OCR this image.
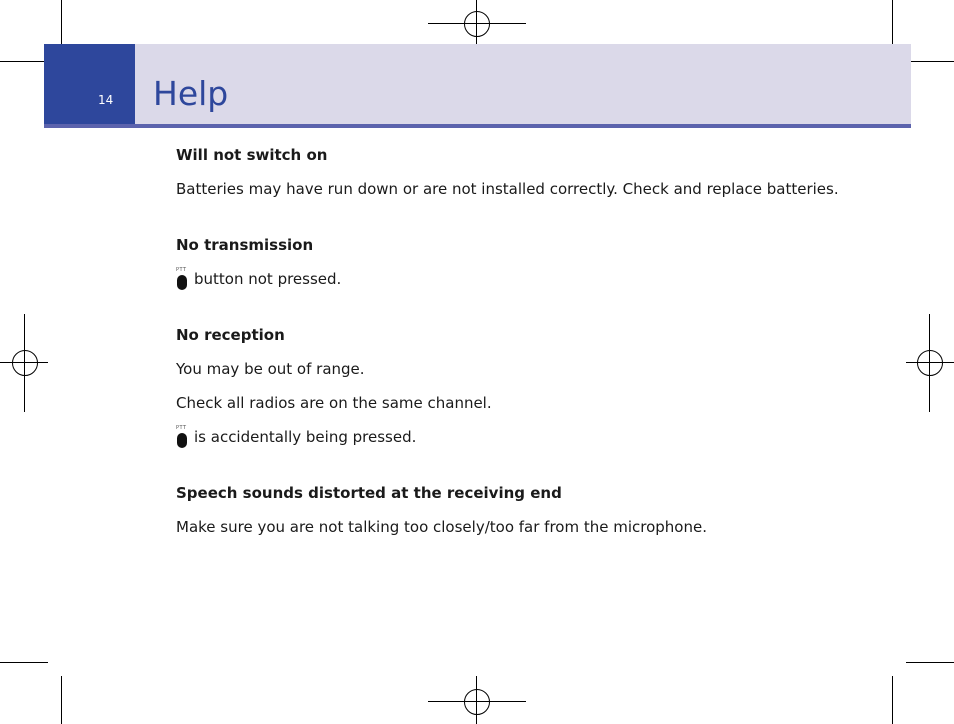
14 Help

Will not switch on

Batteries may have run down or are not installed correctly. Check and replace batteries.

No transmission

PTT button not pressed.

No reception

You may be out of range.

Check all radios are on the same channel.

PTT is accidentally being pressed.

Speech sounds distorted at the receiving end

Make sure you are not talking too closely/too far from the microphone.
